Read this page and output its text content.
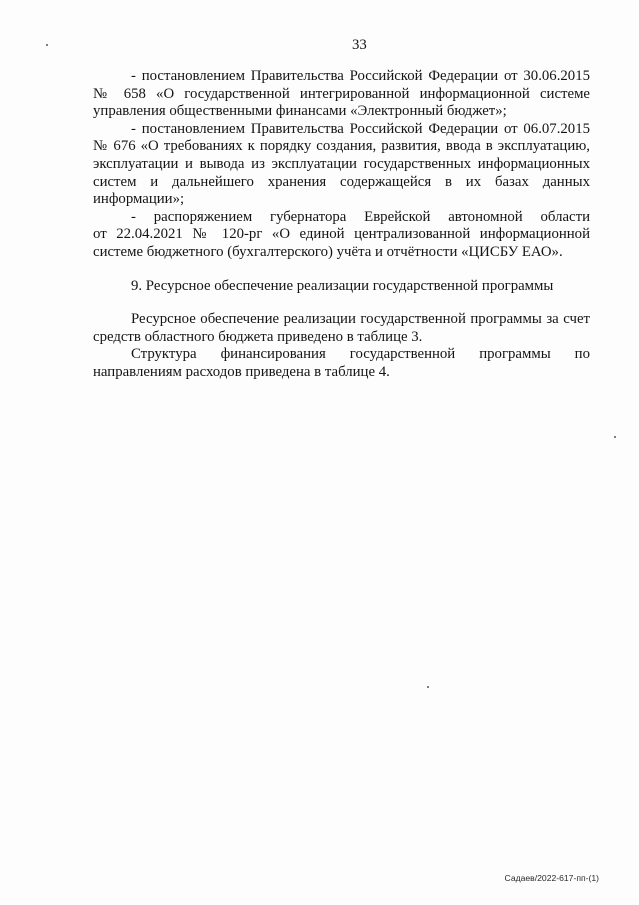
33
- постановлением Правительства Российской Федерации от 30.06.2015
№ 658 «О государственной интегрированной информационной системе
управления общественными финансами «Электронный бюджет»;
- постановлением Правительства Российской Федерации от 06.07.2015
№ 676 «О требованиях к порядку создания, развития, ввода в эксплуатацию,
эксплуатации и вывода из эксплуатации государственных информационных
систем и дальнейшего хранения содержащейся в их базах данных
информации»;
- распоряжением губернатора Еврейской автономной области
от 22.04.2021 № 120-рг «О единой централизованной информационной
системе бюджетного (бухгалтерского) учёта и отчётности «ЦИСБУ ЕАО».
9. Ресурсное обеспечение реализации государственной программы
Ресурсное обеспечение реализации государственной программы за счет
средств областного бюджета приведено в таблице 3.
Структура финансирования государственной программы по
направлениям расходов приведена в таблице 4.
Садаев/2022-617-пп-(1)
